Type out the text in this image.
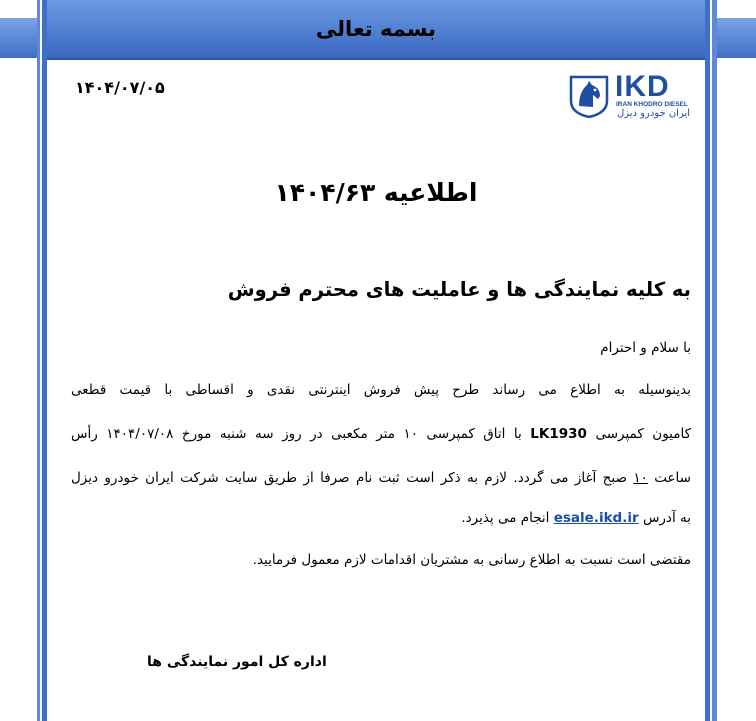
بسمه تعالی
۱۴۰۴/۰۷/۰۵	IKD
IRAN KHODRO DIESEL
ایران خودرو دیزل
اطلاعیه ۱۴۰۴/۶۳
به کلیه نمایندگی ها و عاملیت های محترم فروش
با سلام و احترام
بدینوسیله به اطلاع می رساند طرح پیش فروش اینترنتی نقدی و اقساطی با قیمت قطعی
کامیون کمپرسی LK1930 با اتاق کمپرسی ۱۰ متر مکعبی در روز سه شنبه مورخ ۱۴۰۴/۰۷/۰۸ رأس
ساعت ۱۰ صبح آغاز می گردد. لازم به ذکر است ثبت نام صرفا از طریق سایت شرکت ایران خودرو دیزل
به آدرس esale.ikd.ir انجام می پذیرد.
مقتضی است نسبت به اطلاع رسانی به مشتریان اقدامات لازم معمول فرمایید.
اداره کل امور نمایندگی ها
